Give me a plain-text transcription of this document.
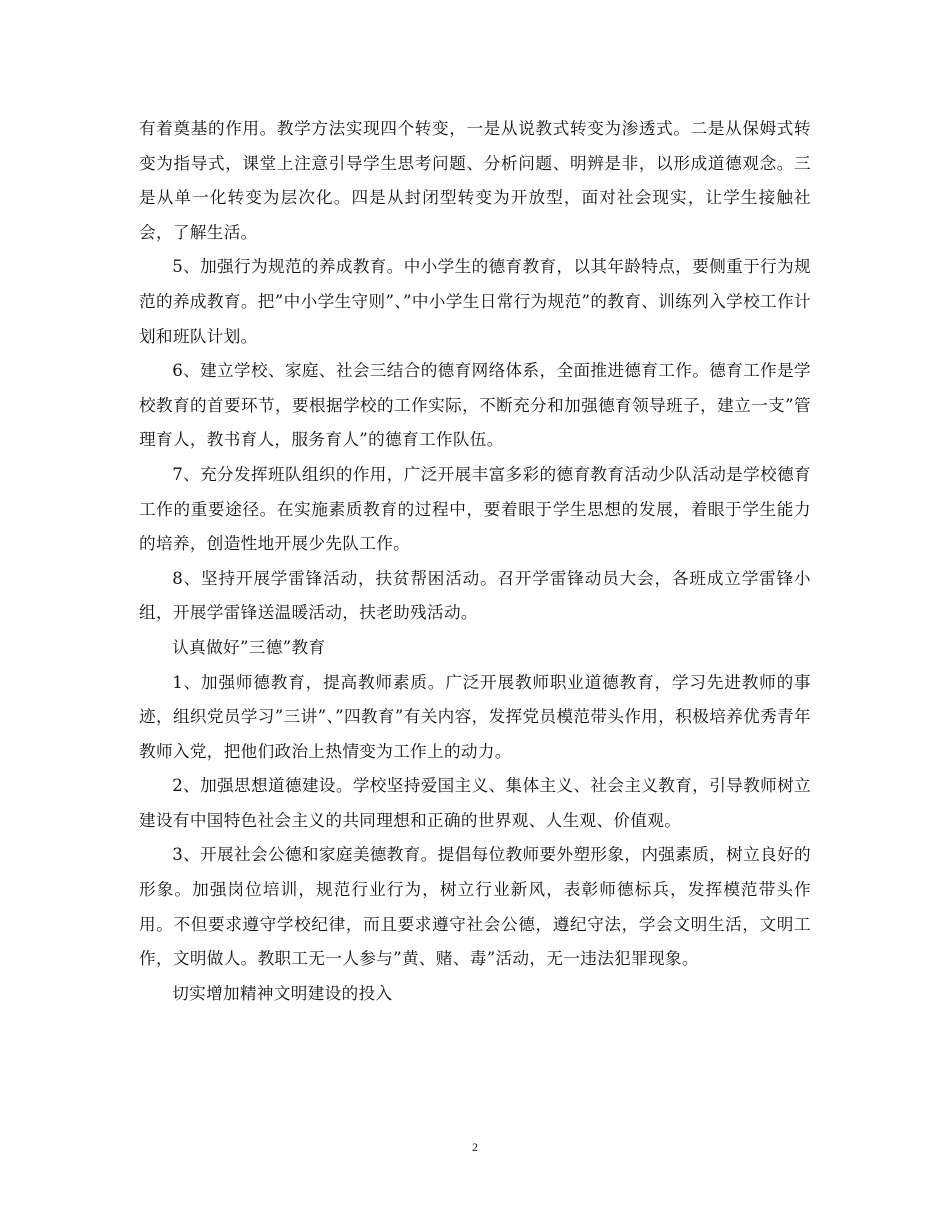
有着奠基的作用。教学方法实现四个转变，一是从说教式转变为渗透式。二是从保姆式转变为指导式，课堂上注意引导学生思考问题、分析问题、明辨是非，以形成道德观念。三是从单一化转变为层次化。四是从封闭型转变为开放型，面对社会现实，让学生接触社会，了解生活。

5、加强行为规范的养成教育。中小学生的德育教育，以其年龄特点，要侧重于行为规范的养成教育。把”中小学生守则”、”中小学生日常行为规范”的教育、训练列入学校工作计划和班队计划。

6、建立学校、家庭、社会三结合的德育网络体系，全面推进德育工作。德育工作是学校教育的首要环节，要根据学校的工作实际，不断充分和加强德育领导班子，建立一支”管理育人，教书育人，服务育人”的德育工作队伍。

7、充分发挥班队组织的作用，广泛开展丰富多彩的德育教育活动少队活动是学校德育工作的重要途径。在实施素质教育的过程中，要着眼于学生思想的发展，着眼于学生能力的培养，创造性地开展少先队工作。

8、坚持开展学雷锋活动，扶贫帮困活动。召开学雷锋动员大会，各班成立学雷锋小组，开展学雷锋送温暖活动，扶老助残活动。

认真做好”三德”教育

1、加强师德教育，提高教师素质。广泛开展教师职业道德教育，学习先进教师的事迹，组织党员学习”三讲”、”四教育”有关内容，发挥党员模范带头作用，积极培养优秀青年教师入党，把他们政治上热情变为工作上的动力。

2、加强思想道德建设。学校坚持爱国主义、集体主义、社会主义教育，引导教师树立建设有中国特色社会主义的共同理想和正确的世界观、人生观、价值观。

3、开展社会公德和家庭美德教育。提倡每位教师要外塑形象，内强素质，树立良好的形象。加强岗位培训，规范行业行为，树立行业新风，表彰师德标兵，发挥模范带头作用。不但要求遵守学校纪律，而且要求遵守社会公德，遵纪守法，学会文明生活，文明工作，文明做人。教职工无一人参与”黄、赌、毒”活动，无一违法犯罪现象。

切实增加精神文明建设的投入

2
